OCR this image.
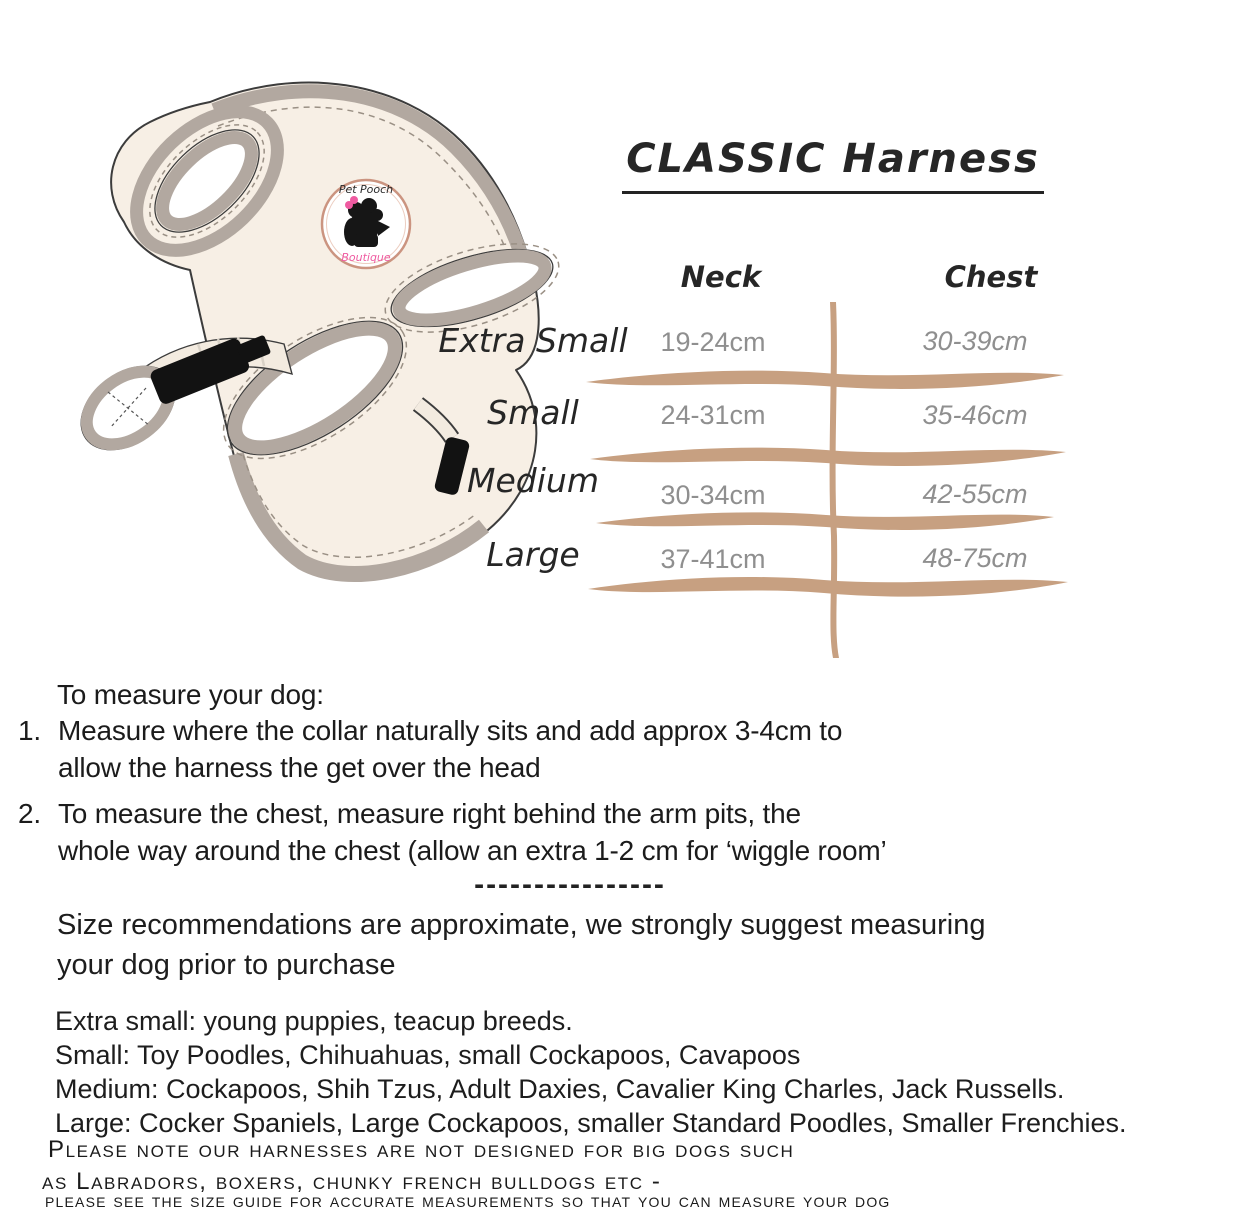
Pet Pooch
Boutique
CLASSIC Harness
Neck	Chest
Extra Small	19-24cm	30-39cm
Small	24-31cm	35-46cm
Medium	30-34cm	42-55cm
Large	37-41cm	48-75cm
To measure your dog:
1. Measure where the collar naturally sits and add approx 3-4cm to
allow the harness the get over the head
2. To measure the chest, measure right behind the arm pits, the
whole way around the chest (allow an extra 1-2 cm for ‘wiggle room’
----------------
Size recommendations are approximate, we strongly suggest measuring
your dog prior to purchase
Extra small: young puppies, teacup breeds.
Small: Toy Poodles, Chihuahuas, small Cockapoos, Cavapoos
Medium: Cockapoos, Shih Tzus, Adult Daxies, Cavalier King Charles, Jack Russells.
Large: Cocker Spaniels, Large Cockapoos, smaller Standard Poodles, Smaller Frenchies.
Please note our harnesses are not designed for big dogs such
as Labradors, boxers, chunky french bulldogs etc -
please see the size guide for accurate measurements so that you can measure your dog
